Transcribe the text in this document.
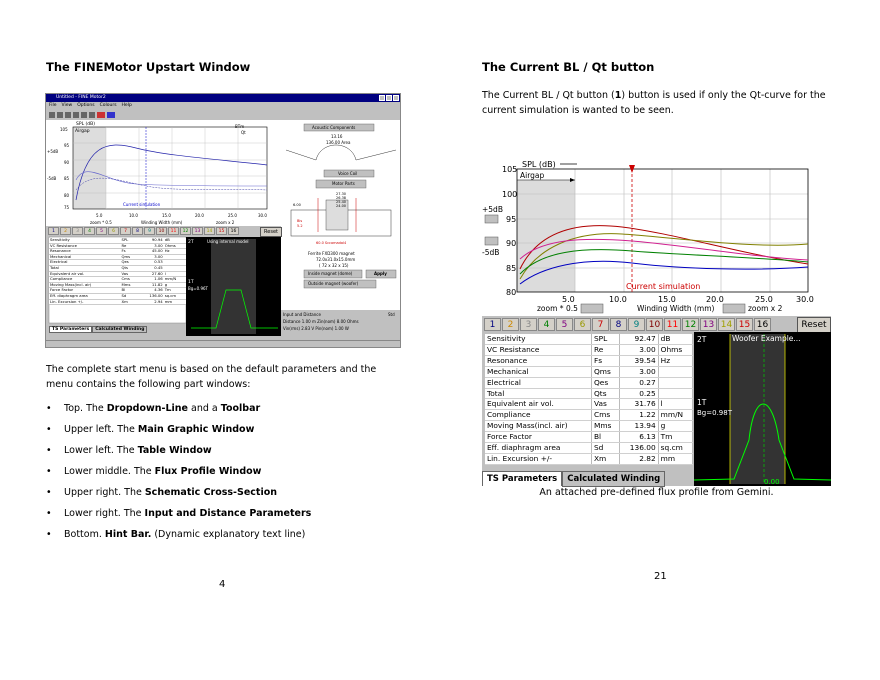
The FINEMotor Upstart Window
Untitled - FINE Motor2
File View Options Colours Help
SPL (dB)
Airgap
Current simulation
5.0	10.0	15.0	20.0	25.0	30.0
zoom * 0.5	Winding Width (mm)	zoom x 2
105
95
90
85
80
75
+5dB
-5dB
BTm
Qt
2T	Using internal model
1T
Bg=0.96T
Acoustic Components
13.16
136.00 Area
Voice Coil
Motor Parts
27.30
26.38
25.40
24.00
6.00
Bis
5.2
60.0 Sccomadal4
Ferrite FXD300 magnet
72.0x31.0x15.0mm
( 72 x 32 x 15)
Inside magnet (dome)	Apply
Outside magnet (woofer)
Input and Distance	Std
Distance 1.00 m Zin(nom) 8.00 Ohms
Vin(rms) 2.83 V Pin(nom) 1.00 W
Sensitivity	SPL	90.94	dB
VC Resistance	Re	3.00	Ohms
Resonance	Fs	45.00	Hz
Mechanical	Qms	3.00	
Electrical	Qes	0.53	
Total	Qts	0.45	
Equivalent air vol.	Vas	27.60	l
Compliance	Cms	1.06	mm/N
Moving Mass(incl. air)	Mms	11.82	g
Force Factor	Bl	4.36	Tm
Eff. diaphragm area	Sd	136.00	sq.cm
Lin. Excursion +/-	Xm	2.94	mm
1	2	3	4	5	6	7	8	9	10	11	12	13	14	15	16	Reset
TS Parameters	Calculated Winding
The complete start menu is based on the default parameters and the menu contains the following part windows:
• Top. The Dropdown-Line and a Toolbar
• Upper left. The Main Graphic Window
• Lower left. The Table Window
• Lower middle. The Flux Profile Window
• Upper right. The Schematic Cross-Section
• Lower right. The Input and Distance Parameters
• Bottom. Hint Bar. (Dynamic explanatory text line)
4
The Current BL / Qt button
The Current BL / Qt button (1) button is used if only the Qt-curve for the current simulation is wanted to be seen.
SPL (dB)
Airgap
Current simulation
105
100
95
90
85
80
+5dB
-5dB
5.0	10.0	15.0	20.0	25.0	30.0
zoom * 0.5	Winding Width (mm)	zoom x 2
1	2	3	4	5	6	7	8	9	10 11 12 13 14 15 16	Reset
Sensitivity	SPL	92.47	dB
VC Resistance	Re	3.00	Ohms
Resonance	Fs	39.54	Hz
Mechanical	Qms	3.00	
Electrical	Qes	0.27	
Total	Qts	0.25	
Equivalent air vol.	Vas	31.76	l
Compliance	Cms	1.22	mm/N
Moving Mass(incl. air)	Mms	13.94	g
Force Factor	Bl	6.13	Tm
Eff. diaphragm area	Sd	136.00	sq.cm
Lin. Excursion +/-	Xm	2.82	mm
TS Parameters	Calculated Winding
2T	Woofer Example...
1T
Bg=0.98T
0.00
An attached pre-defined flux profile from Gemini.
21
